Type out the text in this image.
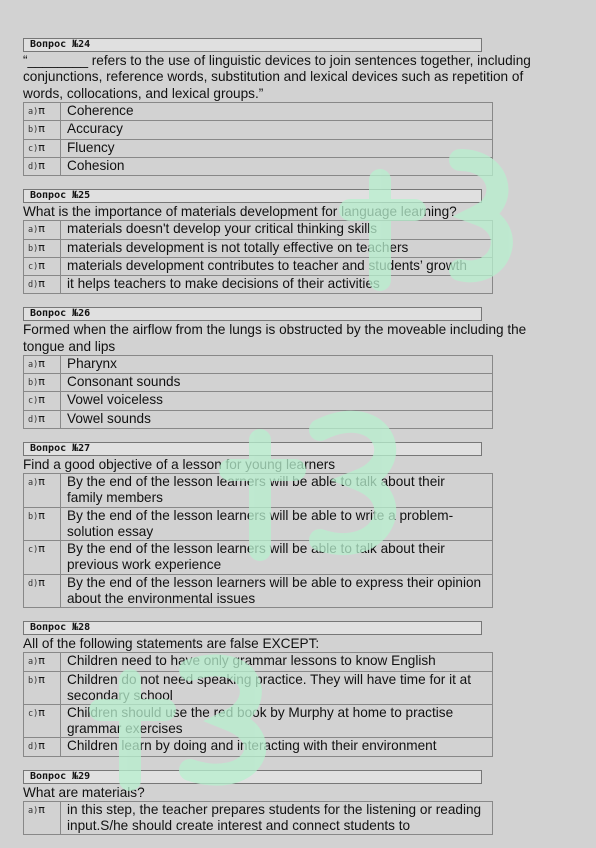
Вопрос №24
“________ refers to the use of linguistic devices to join sentences together, including conjunctions, reference words, substitution and lexical devices such as repetition of words, collocations, and lexical groups.”
a)π	Coherence
b)π	Accuracy
c)π	Fluency
d)π	Cohesion
Вопрос №25
What is the importance of materials development for language learning?
a)π	materials doesn't develop your critical thinking skills
b)π	materials development is not totally effective on teachers
c)π	materials development contributes to teacher and students’ growth
d)π	it helps teachers to make decisions of their activities
Вопрос №26
Formed when the airflow from the lungs is obstructed by the moveable including the tongue and lips
a)π	Pharynx
b)π	Consonant sounds
c)π	Vowel voiceless
d)π	Vowel sounds
Вопрос №27
Find a good objective of a lesson for young learners
a)π	By the end of the lesson learners will be able to talk about their family members
b)π	By the end of the lesson learners will be able to write a problem-solution essay
c)π	By the end of the lesson learners will be able to talk about their previous work experience
d)π	By the end of the lesson learners will be able to express their opinion about the environmental issues
Вопрос №28
All of the following statements are false EXCEPT:
a)π	Children need to have only grammar lessons to know English
b)π	Children do not need speaking practice. They will have time for it at secondary school
c)π	Children should use the red book by Murphy at home to practise grammar exercises
d)π	Children learn by doing and interacting with their environment
Вопрос №29
What are materials?
a)π	in this step, the teacher prepares students for the listening or reading input.S/he should create interest and connect students to
